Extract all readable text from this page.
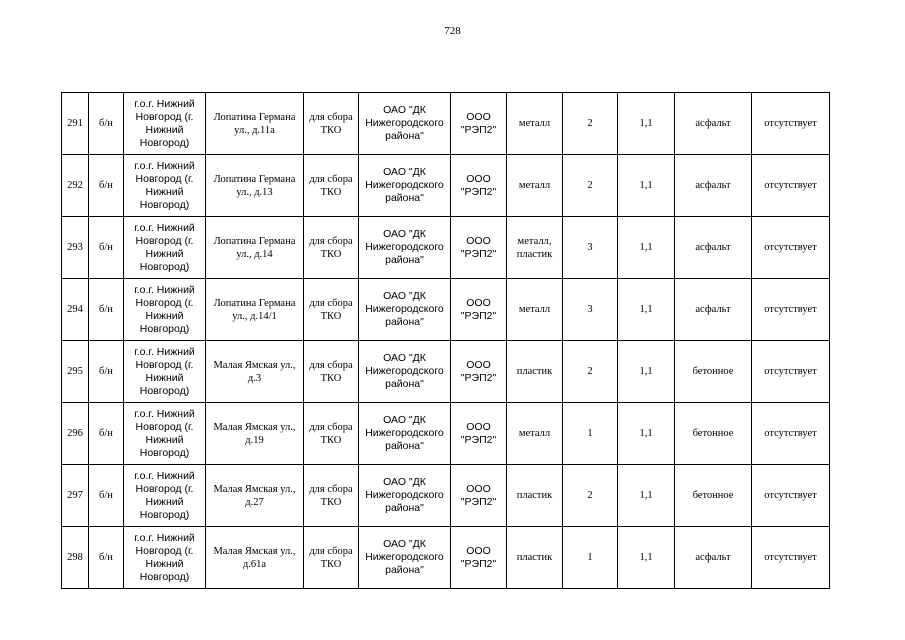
728
291	б/н	г.о.г. Нижний
Новгород (г.
Нижний
Новгород)	Лопатина Германа
ул., д.11а	для сбора
ТКО	ОАО "ДК
Нижегородского
района"	ООО
"РЭП2"	металл	2	1,1	асфальт	отсутствует

292	б/н	г.о.г. Нижний
Новгород (г.
Нижний
Новгород)	Лопатина Германа
ул., д.13	для сбора
ТКО	ОАО "ДК
Нижегородского
района"	ООО
"РЭП2"	металл	2	1,1	асфальт	отсутствует

293	б/н	г.о.г. Нижний
Новгород (г.
Нижний
Новгород)	Лопатина Германа
ул., д.14	для сбора
ТКО	ОАО "ДК
Нижегородского
района"	ООО
"РЭП2"	металл,
пластик	3	1,1	асфальт	отсутствует

294	б/н	г.о.г. Нижний
Новгород (г.
Нижний
Новгород)	Лопатина Германа
ул., д.14/1	для сбора
ТКО	ОАО "ДК
Нижегородского
района"	ООО
"РЭП2"	металл	3	1,1	асфальт	отсутствует

295	б/н	г.о.г. Нижний
Новгород (г.
Нижний
Новгород)	Малая Ямская ул.,
д.3	для сбора
ТКО	ОАО "ДК
Нижегородского
района"	ООО
"РЭП2"	пластик	2	1,1	бетонное	отсутствует

296	б/н	г.о.г. Нижний
Новгород (г.
Нижний
Новгород)	Малая Ямская ул.,
д.19	для сбора
ТКО	ОАО "ДК
Нижегородского
района"	ООО
"РЭП2"	металл	1	1,1	бетонное	отсутствует

297	б/н	г.о.г. Нижний
Новгород (г.
Нижний
Новгород)	Малая Ямская ул.,
д.27	для сбора
ТКО	ОАО "ДК
Нижегородского
района"	ООО
"РЭП2"	пластик	2	1,1	бетонное	отсутствует

298	б/н	г.о.г. Нижний
Новгород (г.
Нижний
Новгород)	Малая Ямская ул.,
д.61а	для сбора
ТКО	ОАО "ДК
Нижегородского
района"	ООО
"РЭП2"	пластик	1	1,1	асфальт	отсутствует
